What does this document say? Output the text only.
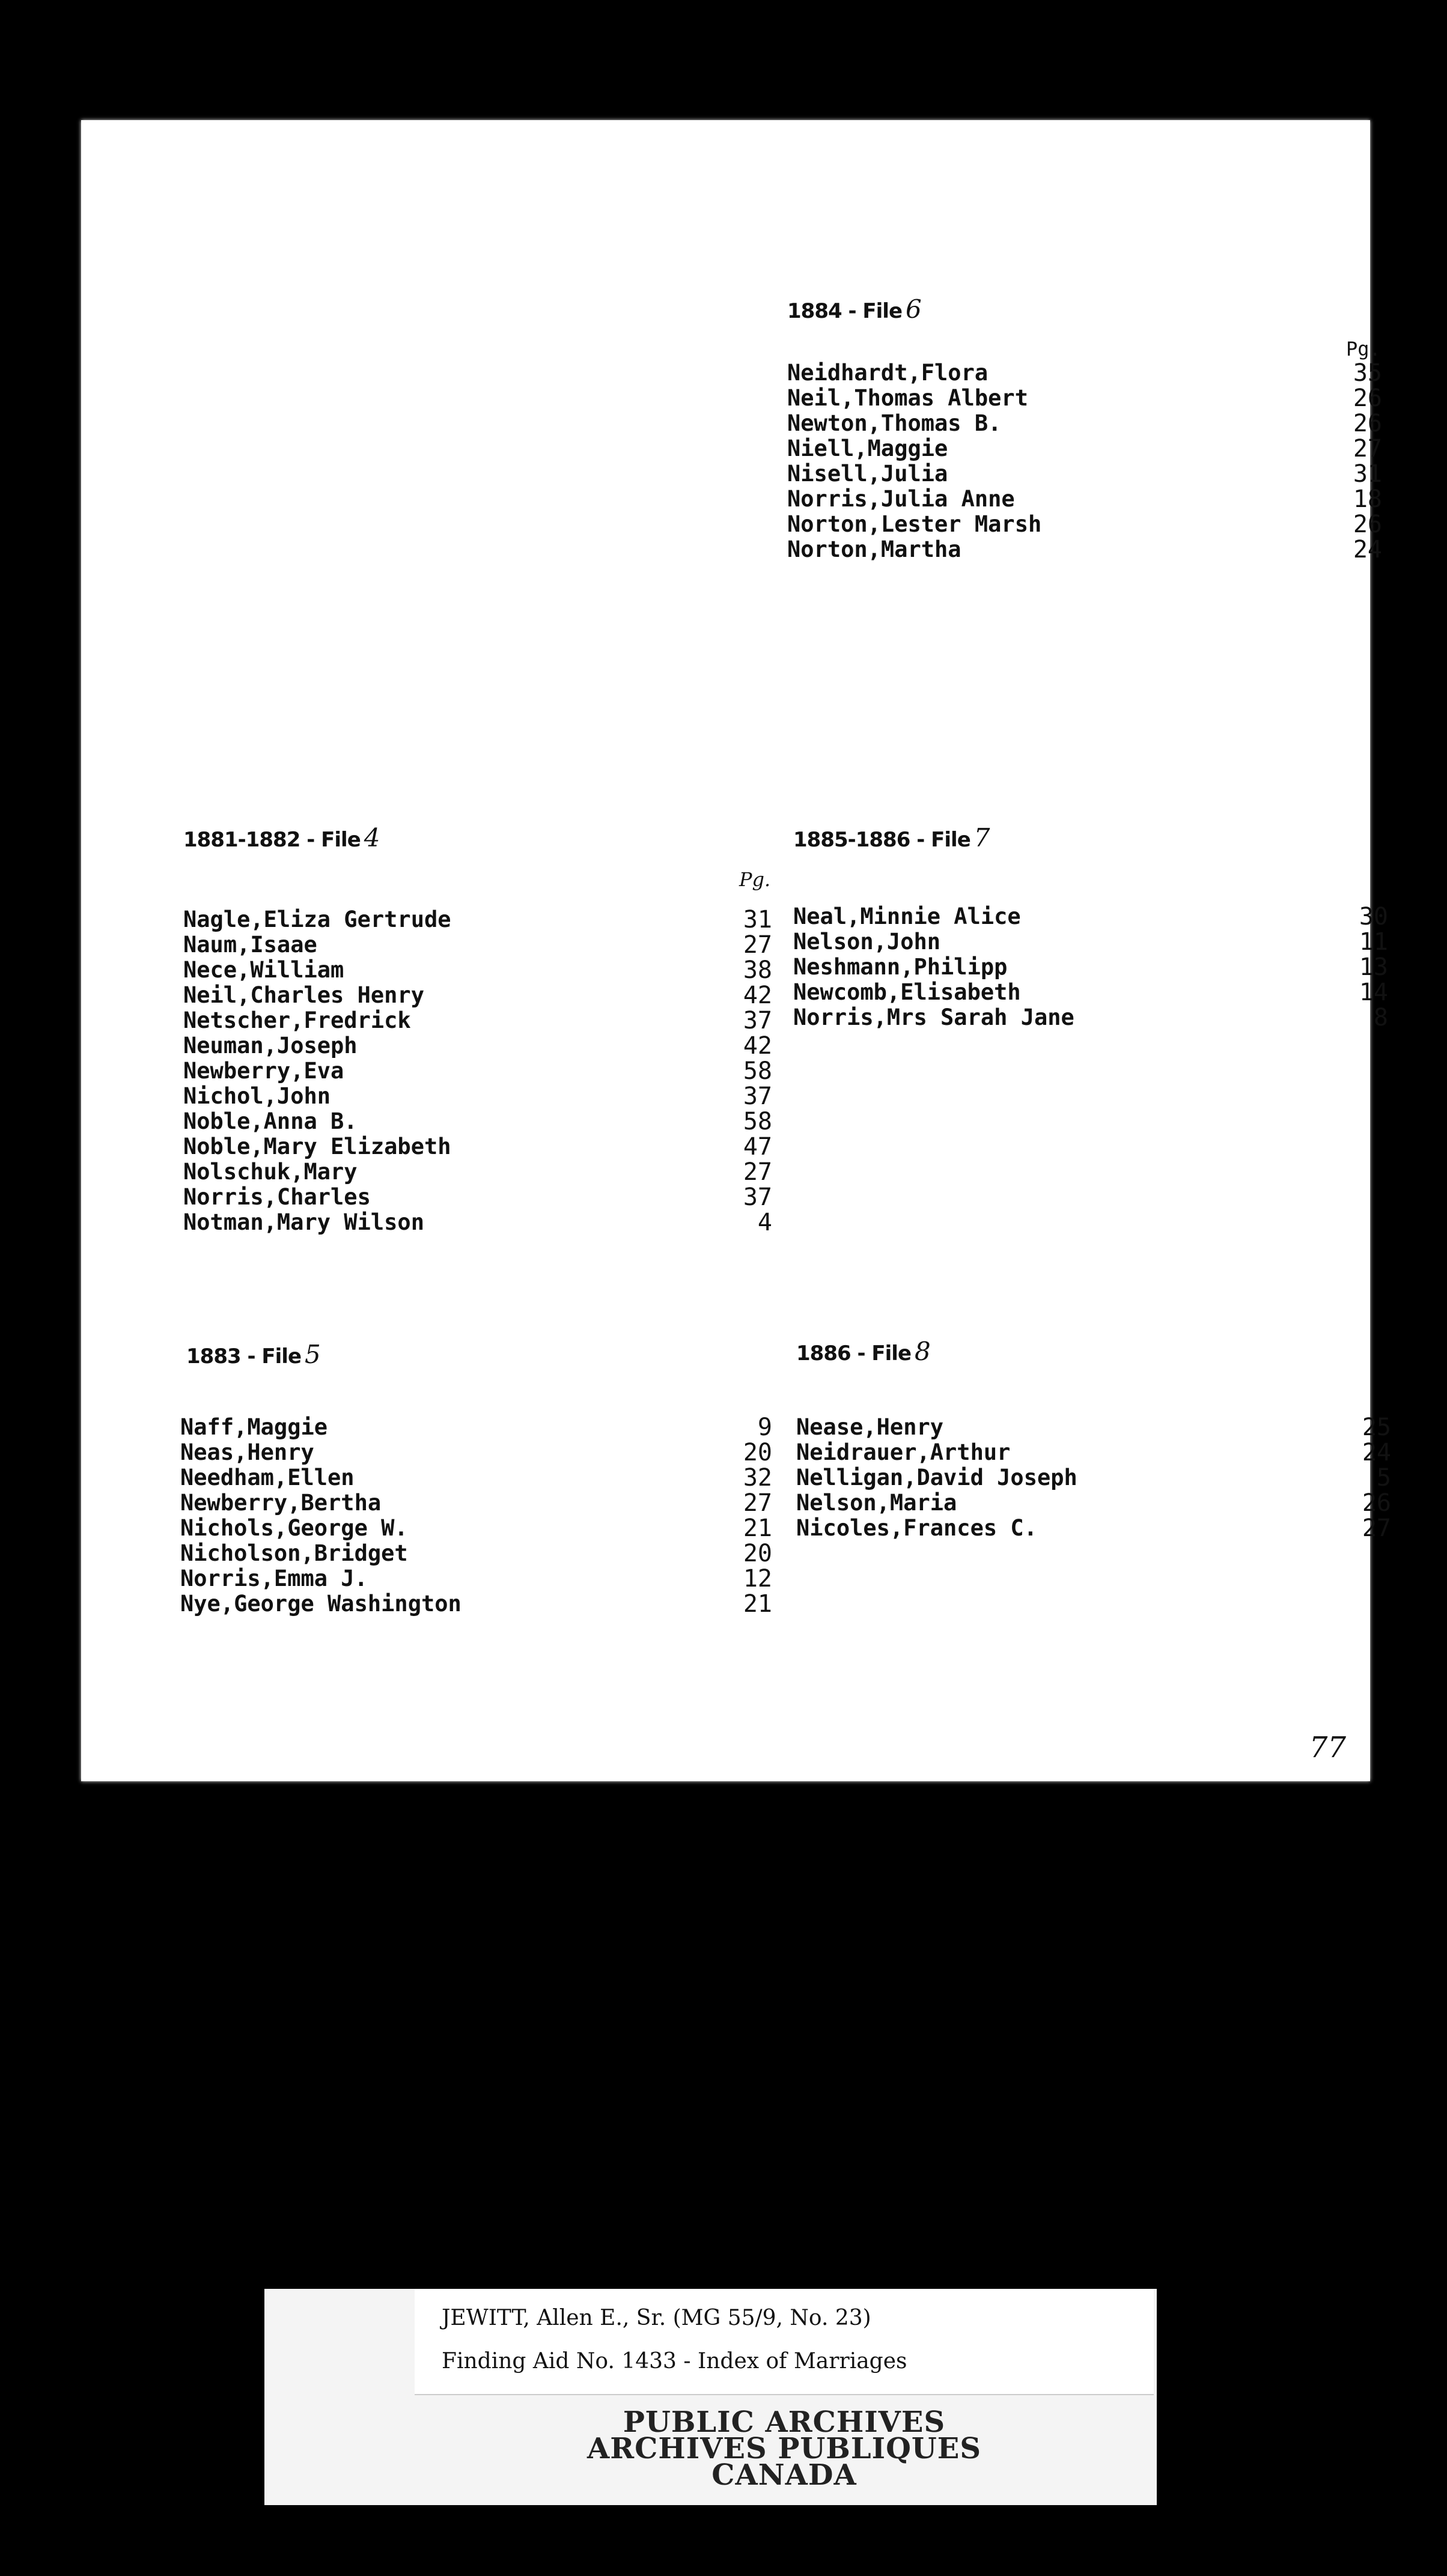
1884 - File 6
Pg.
Neidhardt,Flora	35
Neil,Thomas Albert	26
Newton,Thomas B.	26
Niell,Maggie	27
Nisell,Julia	31
Norris,Julia Anne	18
Norton,Lester Marsh	26
Norton,Martha	24
1881-1882 - File 4
Pg.
Nagle,Eliza Gertrude	31
Naum,Isaae	27
Nece,William	38
Neil,Charles Henry	42
Netscher,Fredrick	37
Neuman,Joseph	42
Newberry,Eva	58
Nichol,John	37
Noble,Anna B.	58
Noble,Mary Elizabeth	47
Nolschuk,Mary	27
Norris,Charles	37
Notman,Mary Wilson	4
1885-1886 - File 7
Neal,Minnie Alice	30
Nelson,John	11
Neshmann,Philipp	13
Newcomb,Elisabeth	14
Norris,Mrs Sarah Jane	8
1883 - File 5
Naff,Maggie	9
Neas,Henry	20
Needham,Ellen	32
Newberry,Bertha	27
Nichols,George W.	21
Nicholson,Bridget	20
Norris,Emma J.	12
Nye,George Washington	21
1886 - File 8
Nease,Henry	25
Neidrauer,Arthur	24
Nelligan,David Joseph	5
Nelson,Maria	26
Nicoles,Frances C.	27
77
JEWITT, Allen E., Sr. (MG 55/9, No. 23)
Finding Aid No. 1433 - Index of Marriages
PUBLIC ARCHIVES
ARCHIVES PUBLIQUES
CANADA
